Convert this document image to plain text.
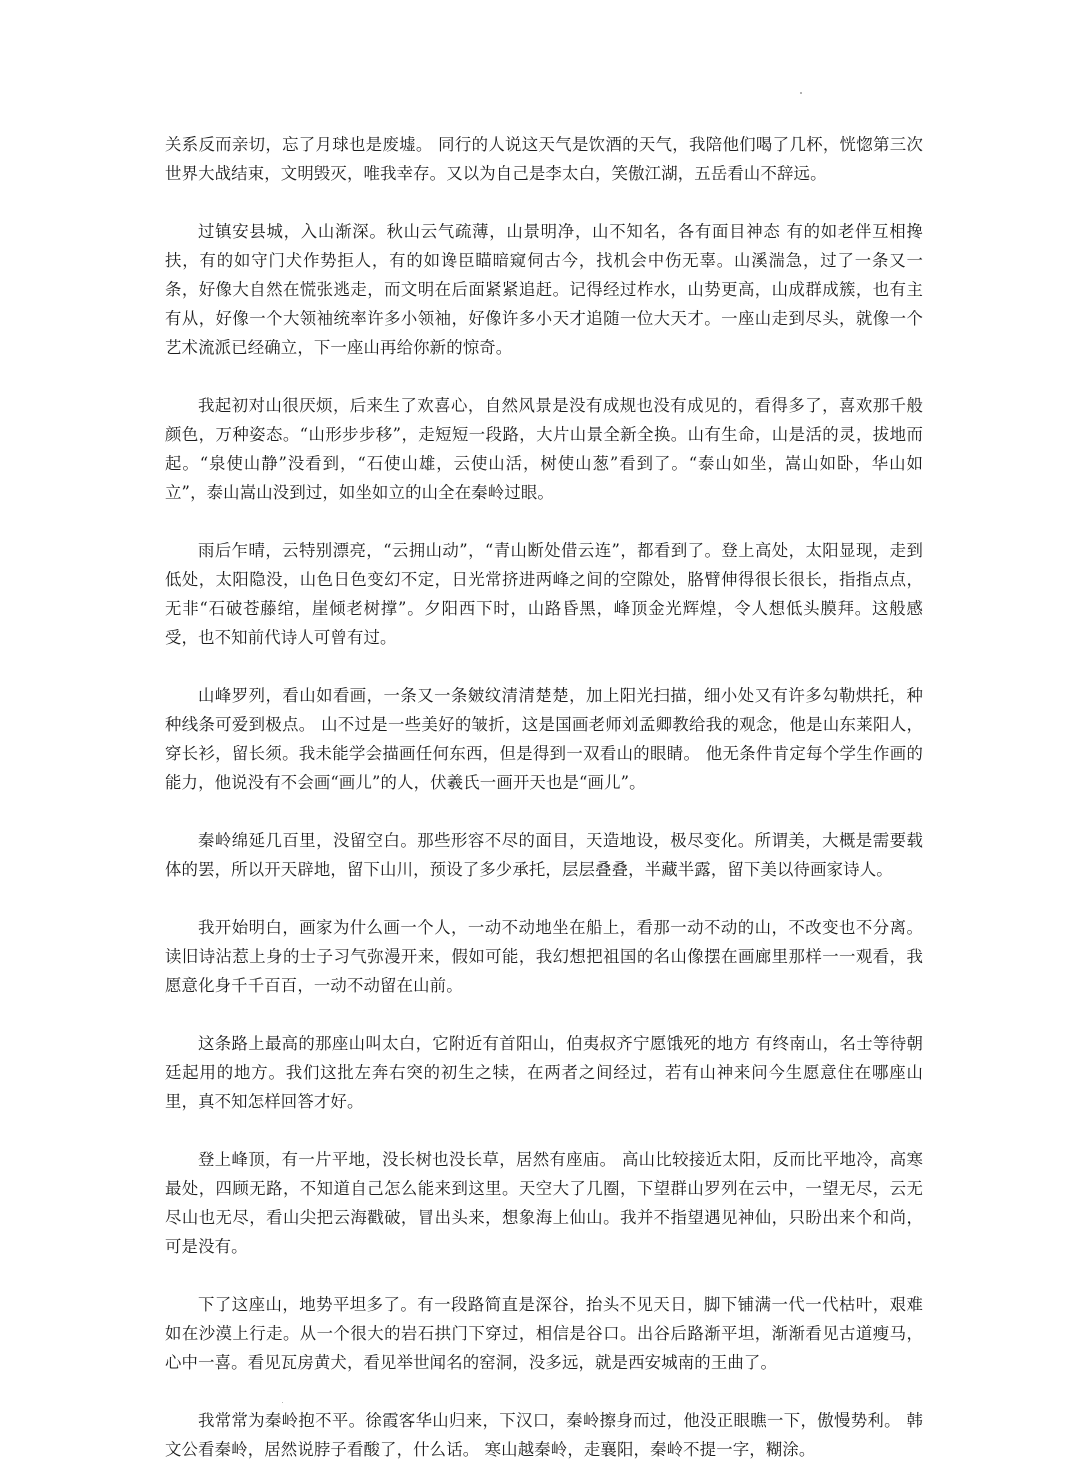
关系反而亲切，忘了月球也是废墟。 同行的人说这天气是饮酒的天气，我陪他们喝了几杯，恍惚第三次世界大战结束，文明毁灭，唯我幸存。又以为自己是李太白，笑傲江湖，五岳看山不辞远。

过镇安县城，入山渐深。秋山云气疏薄，山景明净，山不知名，各有面目神态 有的如老伴互相搀扶，有的如守门犬作势拒人，有的如谗臣瞄暗窥伺古今，找机会中伤无辜。山溪湍急，过了一条又一条，好像大自然在慌张逃走，而文明在后面紧紧追赶。记得经过柞水，山势更高，山成群成簇，也有主有从，好像一个大领袖统率许多小领袖，好像许多小天才追随一位大天才。一座山走到尽头，就像一个艺术流派已经确立，下一座山再给你新的惊奇。

我起初对山很厌烦，后来生了欢喜心，自然风景是没有成规也没有成见的，看得多了，喜欢那千般颜色，万种姿态。“山形步步移”，走短短一段路，大片山景全新全换。山有生命，山是活的灵，拔地而起。“泉使山静”没看到，“石使山雄，云使山活，树使山葱”看到了。“泰山如坐，嵩山如卧，华山如立”，泰山嵩山没到过，如坐如立的山全在秦岭过眼。

雨后乍晴，云特别漂亮，“云拥山动”，“青山断处借云连”，都看到了。登上高处，太阳显现，走到低处，太阳隐没，山色日色变幻不定，日光常挤进两峰之间的空隙处，胳臂伸得很长很长，指指点点，无非“石破苍藤绾，崖倾老树撑”。夕阳西下时，山路昏黑，峰顶金光辉煌，令人想低头膜拜。这般感受，也不知前代诗人可曾有过。

山峰罗列，看山如看画，一条又一条皴纹清清楚楚，加上阳光扫描，细小处又有许多勾勒烘托，种种线条可爱到极点。 山不过是一些美好的皱折，这是国画老师刘孟卿教给我的观念，他是山东莱阳人，穿长衫，留长须。我未能学会描画任何东西，但是得到一双看山的眼睛。 他无条件肯定每个学生作画的能力，他说没有不会画“画儿”的人，伏羲氏一画开天也是“画儿”。

秦岭绵延几百里，没留空白。那些形容不尽的面目，天造地设，极尽变化。所谓美，大概是需要载体的罢，所以开天辟地，留下山川，预设了多少承托，层层叠叠，半藏半露，留下美以待画家诗人。

我开始明白，画家为什么画一个人，一动不动地坐在船上，看那一动不动的山，不改变也不分离。读旧诗沾惹上身的士子习气弥漫开来，假如可能，我幻想把祖国的名山像摆在画廊里那样一一观看，我愿意化身千千百百，一动不动留在山前。

这条路上最高的那座山叫太白，它附近有首阳山，伯夷叔齐宁愿饿死的地方 有终南山，名士等待朝廷起用的地方。我们这批左奔右突的初生之犊，在两者之间经过，若有山神来问今生愿意住在哪座山里，真不知怎样回答才好。

登上峰顶，有一片平地，没长树也没长草，居然有座庙。 高山比较接近太阳，反而比平地冷，高寒最处，四顾无路，不知道自己怎么能来到这里。天空大了几圈，下望群山罗列在云中，一望无尽，云无尽山也无尽，看山尖把云海戳破，冒出头来，想象海上仙山。我并不指望遇见神仙，只盼出来个和尚，可是没有。

下了这座山，地势平坦多了。有一段路简直是深谷，抬头不见天日，脚下铺满一代一代枯叶，艰难如在沙漠上行走。从一个很大的岩石拱门下穿过，相信是谷口。出谷后路渐平坦，渐渐看见古道瘦马，心中一喜。看见瓦房黄犬，看见举世闻名的窑洞，没多远，就是西安城南的王曲了。

我常常为秦岭抱不平。徐霞客华山归来，下汉口，秦岭擦身而过，他没正眼瞧一下，傲慢势利。 韩文公看秦岭，居然说脖子看酸了，什么话。 寒山越秦岭，走襄阳，秦岭不提一字，糊涂。
